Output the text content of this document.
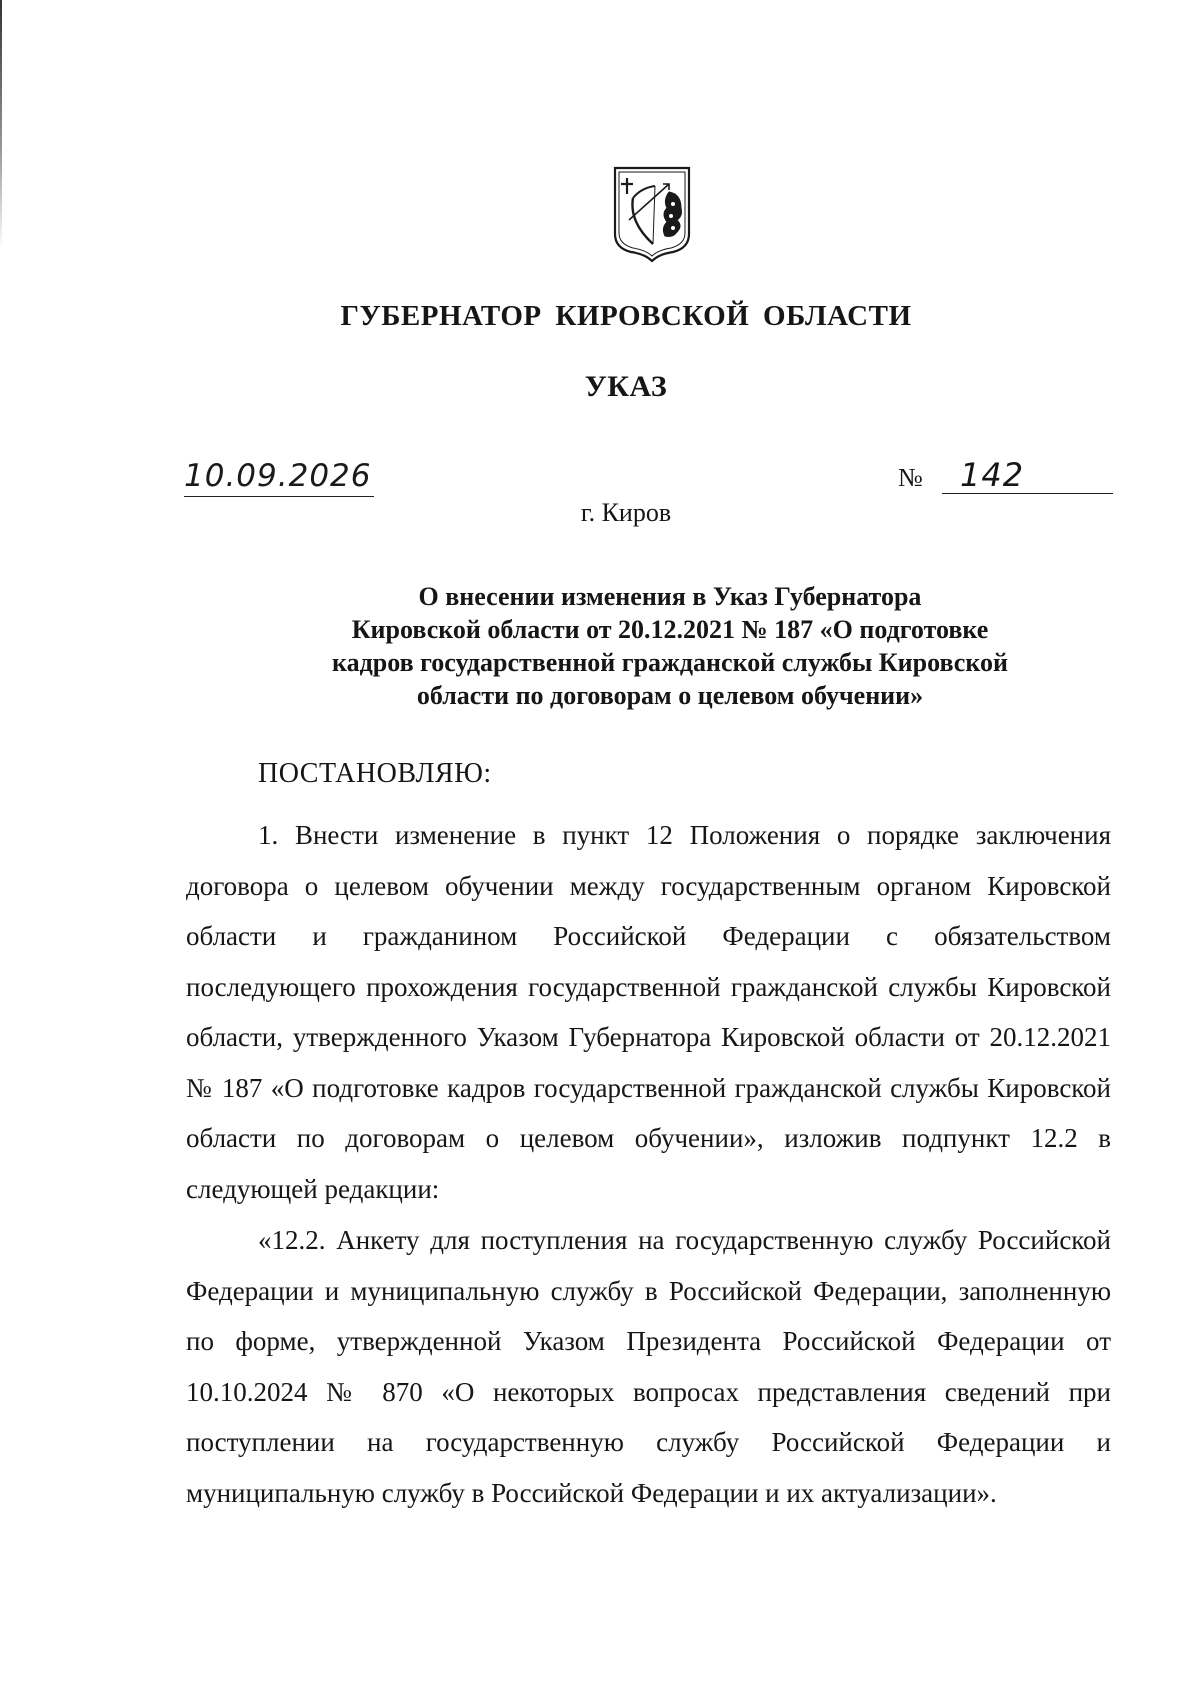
ГУБЕРНАТОР КИРОВСКОЙ ОБЛАСТИ
УКАЗ
10.09.2026	№	142
г. Киров
О внесении изменения в Указ Губернатора
Кировской области от 20.12.2021 № 187 «О подготовке
кадров государственной гражданской службы Кировской
области по договорам о целевом обучении»
ПОСТАНОВЛЯЮ:

1. Внести изменение в пункт 12 Положения о порядке заключения договора о целевом обучении между государственным органом Кировской области и гражданином Российской Федерации с обязательством последующего прохождения государственной гражданской службы Кировской области, утвержденного Указом Губернатора Кировской области от 20.12.2021 № 187 «О подготовке кадров государственной гражданской службы Кировской области по договорам о целевом обучении», изложив подпункт 12.2 в следующей редакции:

«12.2. Анкету для поступления на государственную службу Российской Федерации и муниципальную службу в Российской Федерации, заполненную по форме, утвержденной Указом Президента Российской Федерации от 10.10.2024 № 870 «О некоторых вопросах представления сведений при поступлении на государственную службу Российской Федерации и муниципальную службу в Российской Федерации и их актуализации».
